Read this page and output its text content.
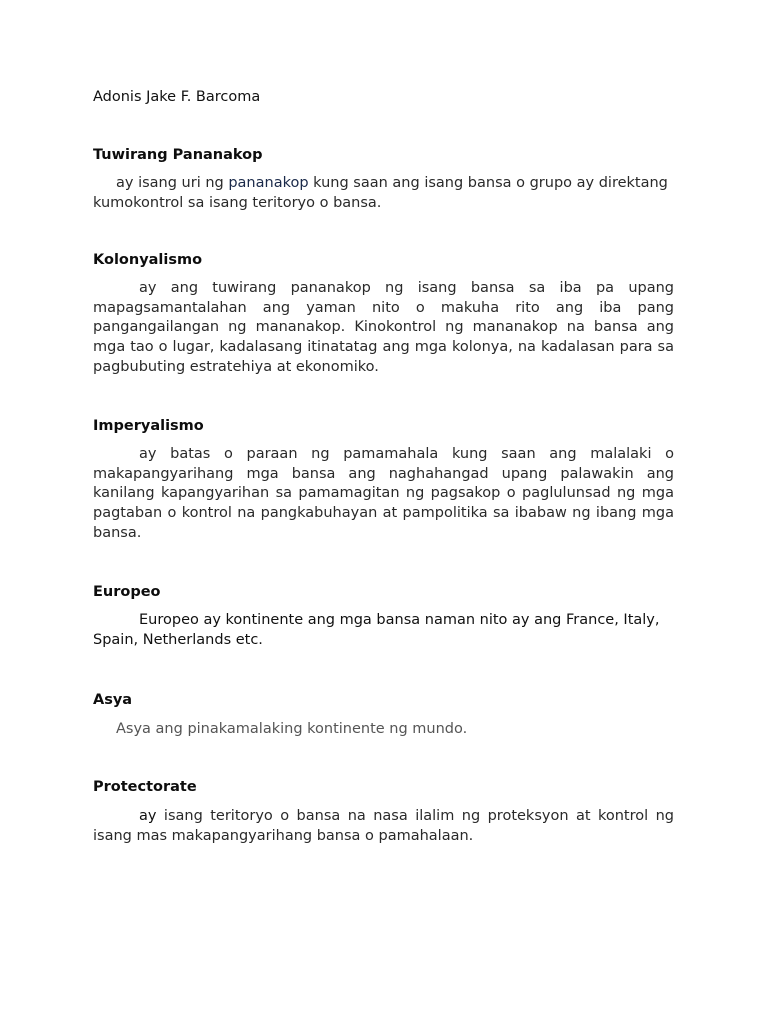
Adonis Jake F. Barcoma

Tuwirang Pananakop

ay isang uri ng pananakop kung saan ang isang bansa o grupo ay direktang kumokontrol sa isang teritoryo o bansa.

Kolonyalismo

ay ang tuwirang pananakop ng isang bansa sa iba pa upang mapagsamantalahan ang yaman nito o makuha rito ang iba pang pangangailangan ng mananakop. Kinokontrol ng mananakop na bansa ang mga tao o lugar, kadalasang itinatatag ang mga kolonya, na kadalasan para sa pagbubuting estratehiya at ekonomiko.

Imperyalismo

ay batas o paraan ng pamamahala kung saan ang malalaki o makapangyarihang mga bansa ang naghahangad upang palawakin ang kanilang kapangyarihan sa pamamagitan ng pagsakop o paglulunsad ng mga pagtaban o kontrol na pangkabuhayan at pampolitika sa ibabaw ng ibang mga bansa.

Europeo

Europeo ay kontinente ang mga bansa naman nito ay ang France, Italy, Spain, Netherlands etc.

Asya

Asya ang pinakamalaking kontinente ng mundo.

Protectorate

ay isang teritoryo o bansa na nasa ilalim ng proteksyon at kontrol ng isang mas makapangyarihang bansa o pamahalaan.
